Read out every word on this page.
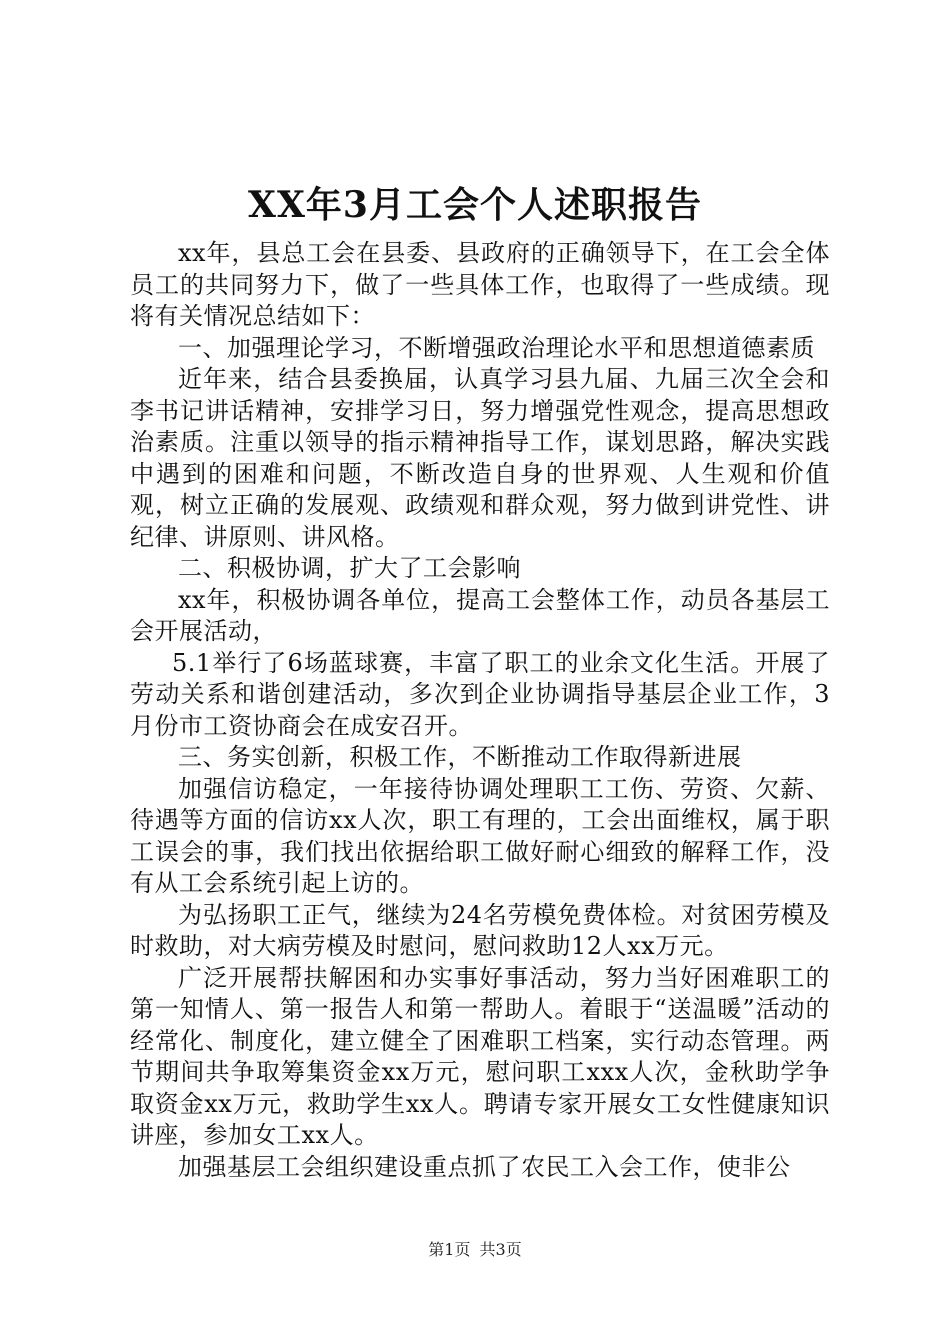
XX年3月工会个人述职报告

xx年，县总工会在县委、县政府的正确领导下，在工会全体员工的共同努力下，做了一些具体工作，也取得了一些成绩。现将有关情况总结如下：

一、加强理论学习，不断增强政治理论水平和思想道德素质

近年来，结合县委换届，认真学习县九届、九届三次全会和李书记讲话精神，安排学习日，努力增强党性观念，提高思想政治素质。注重以领导的指示精神指导工作，谋划思路，解决实践中遇到的困难和问题，不断改造自身的世界观、人生观和价值观，树立正确的发展观、政绩观和群众观，努力做到讲党性、讲纪律、讲原则、讲风格。

二、积极协调，扩大了工会影响

xx年，积极协调各单位，提高工会整体工作，动员各基层工会开展活动，

5.1举行了6场蓝球赛，丰富了职工的业余文化生活。开展了劳动关系和谐创建活动，多次到企业协调指导基层企业工作，3月份市工资协商会在成安召开。

三、务实创新，积极工作，不断推动工作取得新进展

加强信访稳定，一年接待协调处理职工工伤、劳资、欠薪、待遇等方面的信访xx人次，职工有理的，工会出面维权，属于职工误会的事，我们找出依据给职工做好耐心细致的解释工作，没有从工会系统引起上访的。

为弘扬职工正气，继续为24名劳模免费体检。对贫困劳模及时救助，对大病劳模及时慰问，慰问救助12人xx万元。

广泛开展帮扶解困和办实事好事活动，努力当好困难职工的第一知情人、第一报告人和第一帮助人。着眼于“送温暖”活动的经常化、制度化，建立健全了困难职工档案，实行动态管理。两节期间共争取筹集资金xx万元，慰问职工xxx人次，金秋助学争取资金xx万元，救助学生xx人。聘请专家开展女工女性健康知识讲座，参加女工xx人。

加强基层工会组织建设重点抓了农民工入会工作，使非公

第1页 共3页
